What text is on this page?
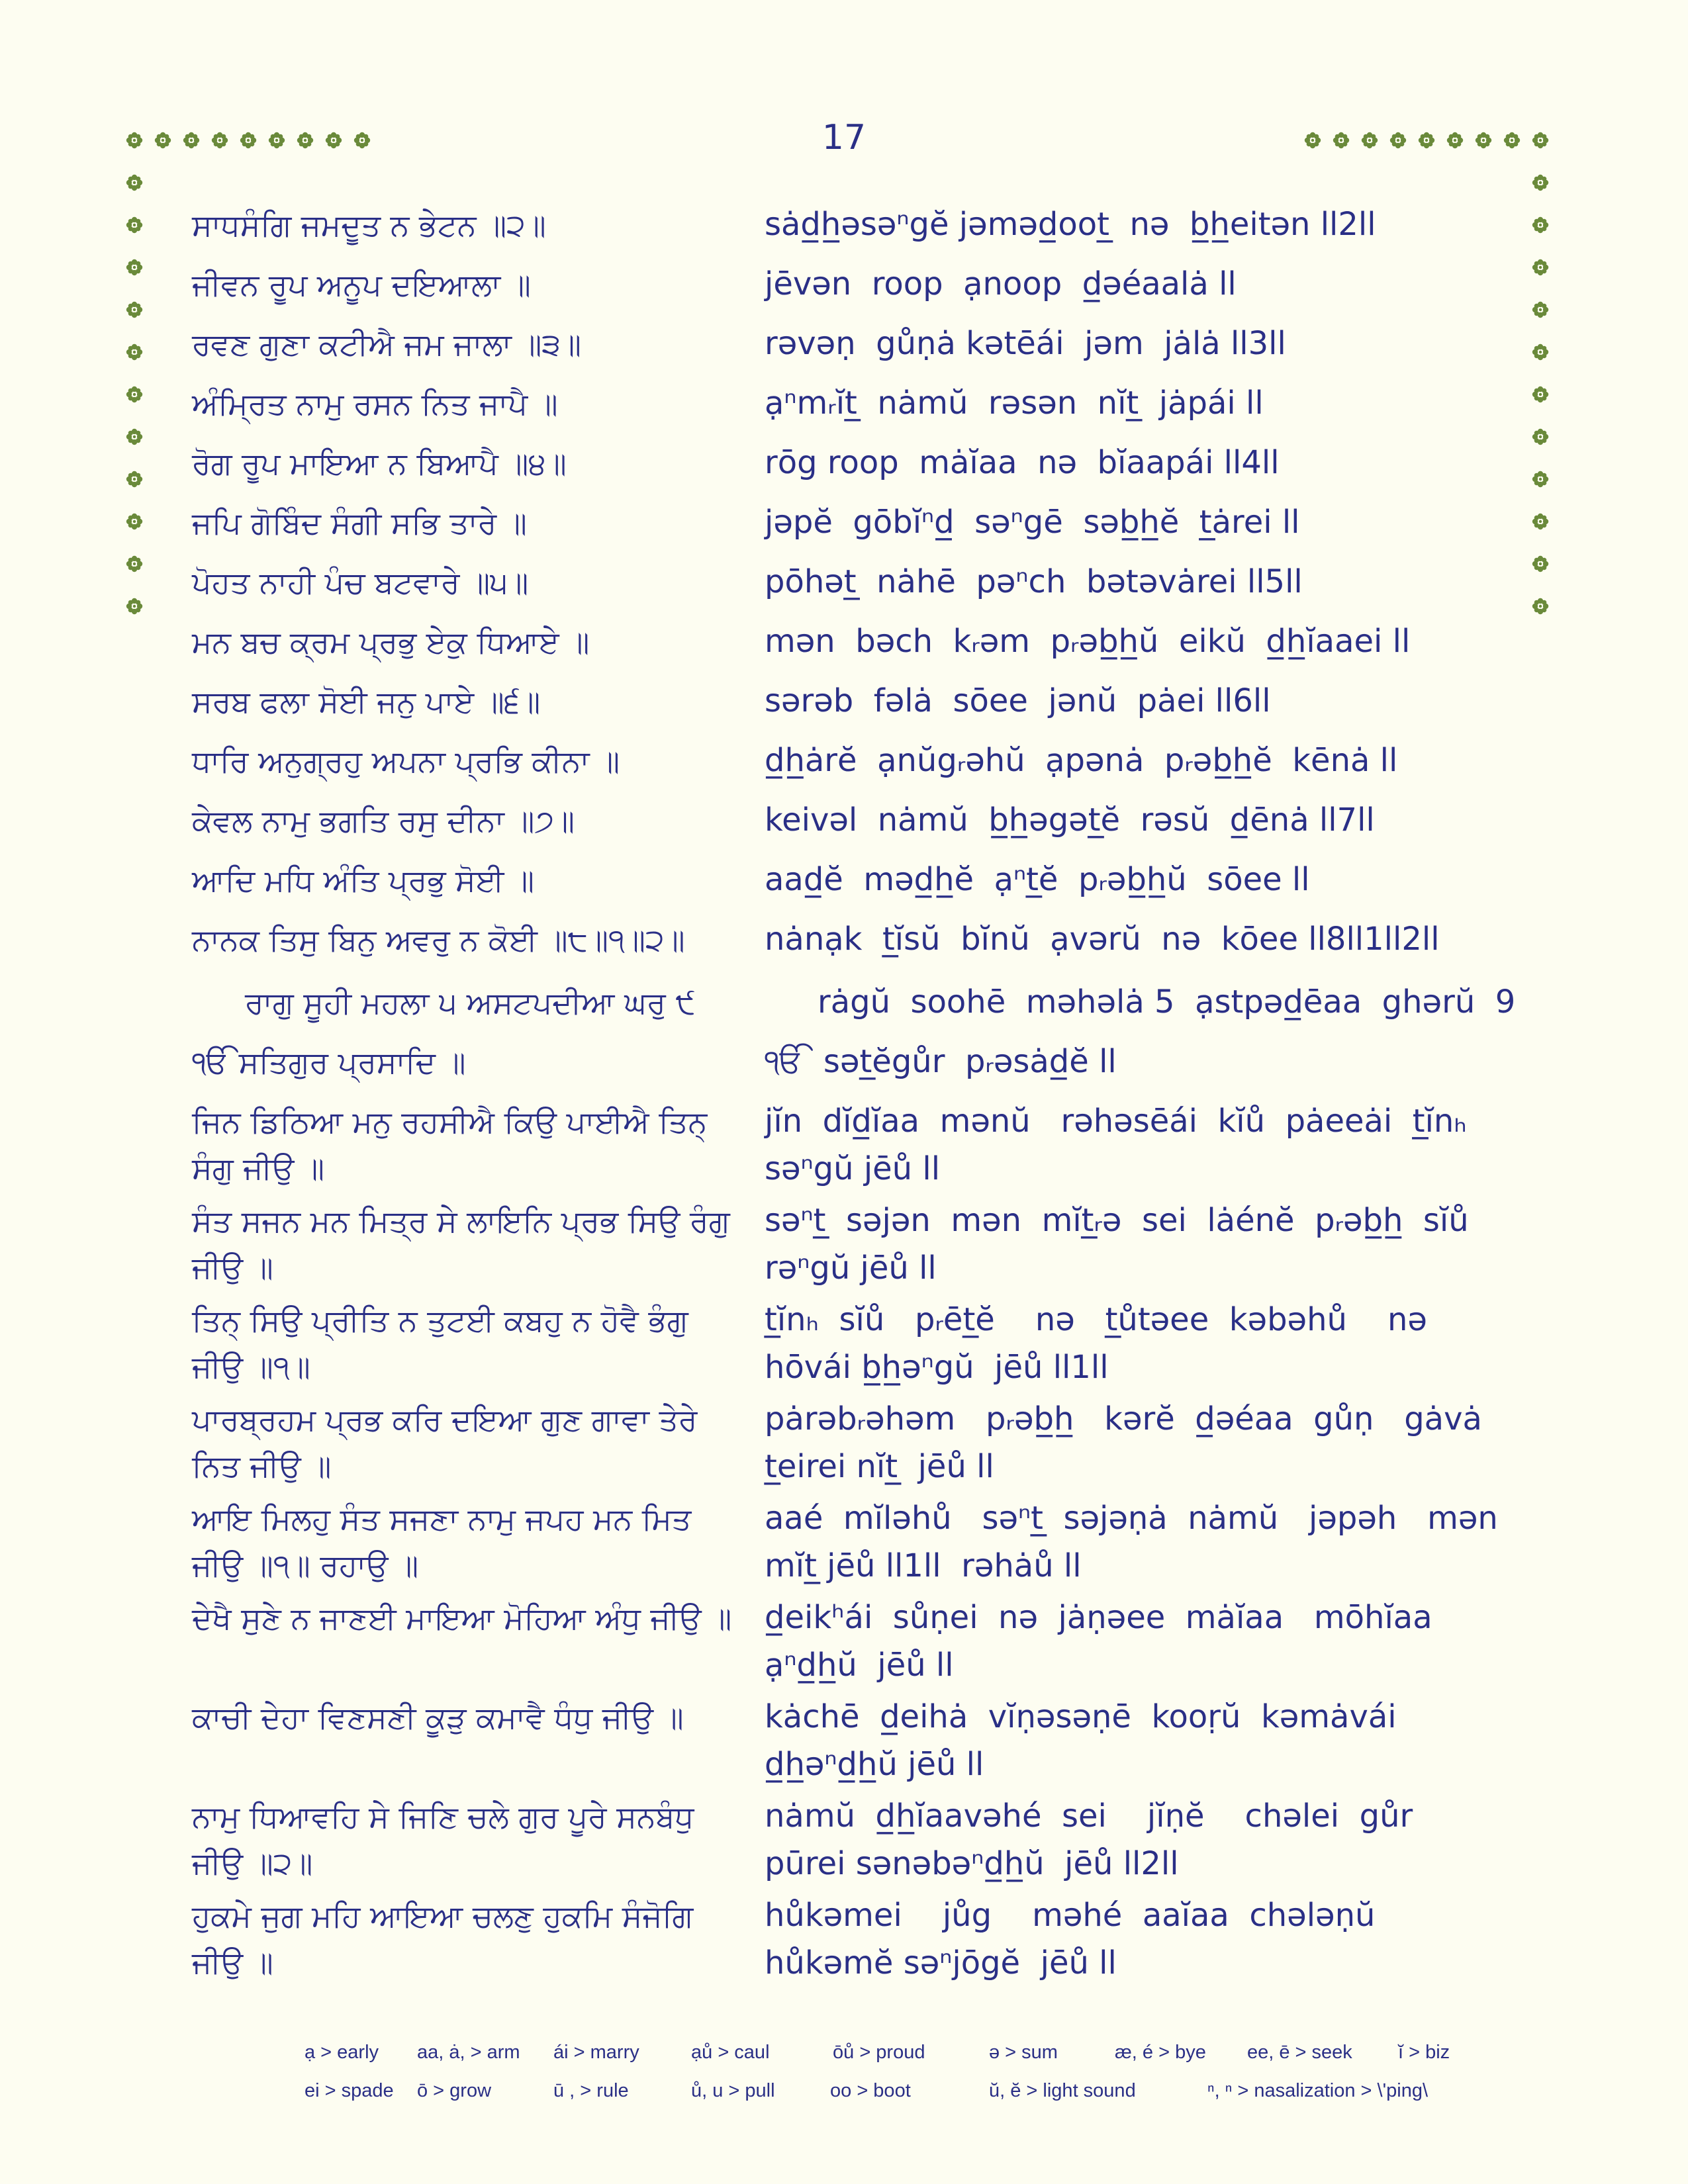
17
ਸਾਧਸੰਗਿ ਜਮਦੂਤ ਨ ਭੇਟਨ ॥੨॥	sȧd̲h̲əsəⁿgĕ jəməd̲oot̲  nə  b̲h̲eitən ll2ll
ਜੀਵਨ ਰੂਪ ਅਨੂਪ ਦਇਆਲਾ ॥	jēvən  roop  ạnoop  d̲əéaalȧ ll
ਰਵਣ ਗੁਣਾ ਕਟੀਐ ਜਮ ਜਾਲਾ ॥੩॥	rəvəṇ  gůṇȧ kətēái  jəm  jȧlȧ ll3ll
ਅੰਮ੍ਰਿਤ ਨਾਮੁ ਰਸਨ ਨਿਤ ਜਾਪੈ ॥	ạⁿmᵣĭt̲  nȧmŭ  rəsən  nĭt̲  jȧpái ll
ਰੋਗ ਰੂਪ ਮਾਇਆ ਨ ਬਿਆਪੈ ॥੪॥	rōg roop  mȧĭaa  nə  bĭaapái ll4ll
ਜਪਿ ਗੋਬਿੰਦ ਸੰਗੀ ਸਭਿ ਤਾਰੇ ॥	jəpĕ  gōbĭⁿd̲  səⁿgē  səb̲h̲ĕ  t̲ȧrei ll
ਪੋਹਤ ਨਾਹੀ ਪੰਚ ਬਟਵਾਰੇ ॥੫॥	pōhət̲  nȧhē  pəⁿch  bətəvȧrei ll5ll
ਮਨ ਬਚ ਕ੍ਰਮ ਪ੍ਰਭੁ ਏਕੁ ਧਿਆਏ ॥	mən  bəch  kᵣəm  pᵣəb̲h̲ŭ  eikŭ  d̲h̲ĭaaei ll
ਸਰਬ ਫਲਾ ਸੋਈ ਜਨੁ ਪਾਏ ॥੬॥	sərəb  fəlȧ  sōee  jənŭ  pȧei ll6ll
ਧਾਰਿ ਅਨੁਗ੍ਰਹੁ ਅਪਨਾ ਪ੍ਰਭਿ ਕੀਨਾ ॥	d̲h̲ȧrĕ  ạnŭgᵣəhŭ  ạpənȧ  pᵣəb̲h̲ĕ  kēnȧ ll
ਕੇਵਲ ਨਾਮੁ ਭਗਤਿ ਰਸੁ ਦੀਨਾ ॥੭॥	keivəl  nȧmŭ  b̲h̲əgət̲ĕ  rəsŭ  d̲ēnȧ ll7ll
ਆਦਿ ਮਧਿ ਅੰਤਿ ਪ੍ਰਭੁ ਸੋਈ ॥	aad̲ĕ  məd̲h̲ĕ  ạⁿt̲ĕ  pᵣəb̲h̲ŭ  sōee ll
ਨਾਨਕ ਤਿਸੁ ਬਿਨੁ ਅਵਰੁ ਨ ਕੋਈ ॥੮॥੧॥੨॥	nȧnạk  t̲ĭsŭ  bĭnŭ  ạvərŭ  nə  kōee ll8ll1ll2ll
ਰਾਗੁ ਸੂਹੀ ਮਹਲਾ ੫ ਅਸਟਪਦੀਆ ਘਰੁ ੯	rȧgŭ  soohē  məhəlȧ 5  ạstpəd̲ēaa  ghərŭ  9
ੴ ਸਤਿਗੁਰ ਪ੍ਰਸਾਦਿ ॥	ੴ  sət̲ĕgůr  pᵣəsȧd̲ĕ ll
ਜਿਨ ਡਿਠਿਆ ਮਨੁ ਰਹਸੀਐ ਕਿਉ ਪਾਈਐ ਤਿਨ੍ ਸੰਗੁ ਜੀਉ ॥
jĭn  dĭd̲ĭaa  mənŭ   rəhəsēái  kĭů  pȧeeȧi  t̲ĭnₕ  səⁿgŭ jēů ll
ਸੰਤ ਸਜਨ ਮਨ ਮਿਤ੍ਰ ਸੇ ਲਾਇਨਿ ਪ੍ਰਭ ਸਿਉ ਰੰਗੁ ਜੀਉ ॥
səⁿt̲  səjən  mən  mĭt̲ᵣə  sei  lȧénĕ  pᵣəb̲h̲  sĭů  rəⁿgŭ jēů ll
ਤਿਨ੍ ਸਿਉ ਪ੍ਰੀਤਿ ਨ ਤੁਟਈ ਕਬਹੁ ਨ ਹੋਵੈ ਭੰਗੁ ਜੀਉ ॥੧॥
t̲ĭnₕ  sĭů   pᵣēt̲ĕ    nə   t̲ůtəee  kəbəhů    nə  hōvái b̲h̲əⁿgŭ  jēů ll1ll
ਪਾਰਬ੍ਰਹਮ ਪ੍ਰਭ ਕਰਿ ਦਇਆ ਗੁਣ ਗਾਵਾ ਤੇਰੇ ਨਿਤ ਜੀਉ ॥
pȧrəbᵣəhəm   pᵣəb̲h̲   kərĕ  d̲əéaa  gůṇ   gȧvȧ   t̲eirei nĭt̲  jēů ll
ਆਇ ਮਿਲਹੁ ਸੰਤ ਸਜਣਾ ਨਾਮੁ ਜਪਹ ਮਨ ਮਿਤ ਜੀਉ ॥੧॥ ਰਹਾਉ ॥
aaé  mĭləhů   səⁿt̲  səjəṇȧ  nȧmŭ   jəpəh   mən  mĭt̲ jēů ll1ll  rəhȧů ll
ਦੇਖੈ ਸੁਣੇ ਨ ਜਾਣਈ ਮਾਇਆ ਮੋਹਿਆ ਅੰਧੁ ਜੀਉ ॥ d̲eikʰái  sůṇei  nə  jȧṇəee  mȧĭaa   mōhĭaa   ạⁿd̲h̲ŭ  jēů ll
ਕਾਚੀ ਦੇਹਾ ਵਿਣਸਣੀ ਕੂੜੁ ਕਮਾਵੈ ਧੰਧੁ ਜੀਉ ॥	kȧchē  d̲eihȧ  vĭṇəsəṇē  kooṛŭ  kəmȧvái   d̲h̲əⁿd̲h̲ŭ jēů ll
ਨਾਮੁ ਧਿਆਵਹਿ ਸੇ ਜਿਣਿ ਚਲੇ ਗੁਰ ਪੂਰੇ ਸਨਬੰਧੁ ਜੀਉ ॥੨॥
nȧmŭ  d̲h̲ĭaavəhé  sei    jĭṇĕ    chəlei  gůr    pūrei sənəbəⁿd̲h̲ŭ  jēů ll2ll
ਹੁਕਮੇ ਜੁਗ ਮਹਿ ਆਇਆ ਚਲਣੁ ਹੁਕਮਿ ਸੰਜੋਗਿ ਜੀਉ ॥
hůkəmei    jůg    məhé  aaĭaa  chələṇŭ   hůkəmĕ səⁿjōgĕ  jēů ll
ạ > early aa, ȧ, > arm ái > marry	ạů > caul	ōů > proud	ə > sum	æ, é > bye ee, ē > seek ĭ > biz
ei > spade ō > grow	ū , > rule	ů, u > pull	oo > boot	ŭ, ĕ > light sound	ⁿ, ⁿ > nasalization > \'ping\
